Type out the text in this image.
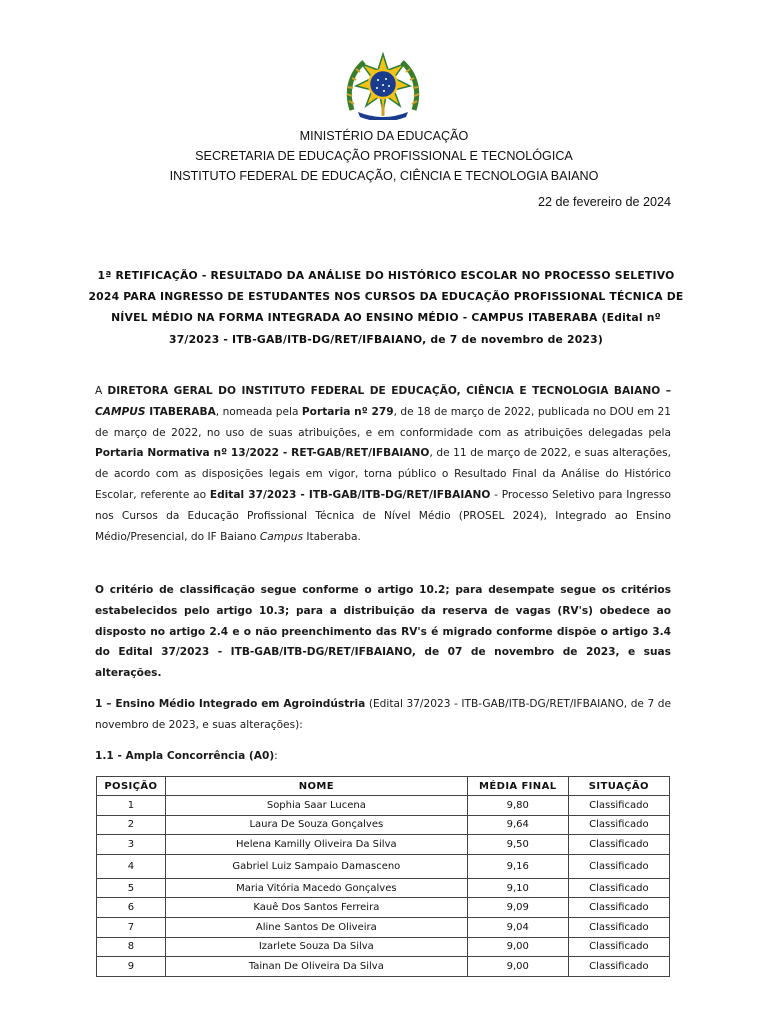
MINISTÉRIO DA EDUCAÇÃO
SECRETARIA DE EDUCAÇÃO PROFISSIONAL E TECNOLÓGICA
INSTITUTO FEDERAL DE EDUCAÇÃO, CIÊNCIA E TECNOLOGIA BAIANO
22 de fevereiro de 2024
1ª RETIFICAÇÃO - RESULTADO DA ANÁLISE DO HISTÓRICO ESCOLAR NO PROCESSO SELETIVO 2024 PARA INGRESSO DE ESTUDANTES NOS CURSOS DA EDUCAÇÃO PROFISSIONAL TÉCNICA DE NÍVEL MÉDIO NA FORMA INTEGRADA AO ENSINO MÉDIO - CAMPUS ITABERABA (Edital nº 37/2023 - ITB-GAB/ITB-DG/RET/IFBAIANO, de 7 de novembro de 2023)
A DIRETORA GERAL DO INSTITUTO FEDERAL DE EDUCAÇÃO, CIÊNCIA E TECNOLOGIA BAIANO – CAMPUS ITABERABA, nomeada pela Portaria nº 279, de 18 de março de 2022, publicada no DOU em 21 de março de 2022, no uso de suas atribuições, e em conformidade com as atribuições delegadas pela Portaria Normativa nº 13/2022 - RET-GAB/RET/IFBAIANO, de 11 de março de 2022, e suas alterações, de acordo com as disposições legais em vigor, torna público o Resultado Final da Análise do Histórico Escolar, referente ao Edital 37/2023 - ITB-GAB/ITB-DG/RET/IFBAIANO - Processo Seletivo para Ingresso nos Cursos da Educação Profissional Técnica de Nível Médio (PROSEL 2024), Integrado ao Ensino Médio/Presencial, do IF Baiano Campus Itaberaba.
O critério de classificação segue conforme o artigo 10.2; para desempate segue os critérios estabelecidos pelo artigo 10.3; para a distribuição da reserva de vagas (RV's) obedece ao disposto no artigo 2.4 e o não preenchimento das RV's é migrado conforme dispõe o artigo 3.4 do Edital 37/2023 - ITB-GAB/ITB-DG/RET/IFBAIANO, de 07 de novembro de 2023, e suas alterações.
1 – Ensino Médio Integrado em Agroindústria (Edital 37/2023 - ITB-GAB/ITB-DG/RET/IFBAIANO, de 7 de novembro de 2023, e suas alterações):
1.1 - Ampla Concorrência (A0):
POSIÇÃO	NOME	MÉDIA FINAL	SITUAÇÃO
1	Sophia Saar Lucena	9,80	Classificado
2	Laura De Souza Gonçalves	9,64	Classificado
3	Helena Kamilly Oliveira Da Silva	9,50	Classificado
4	Gabriel Luiz Sampaio Damasceno	9,16	Classificado
5	Maria Vitória Macedo Gonçalves	9,10	Classificado
6	Kauê Dos Santos Ferreira	9,09	Classificado
7	Aline Santos De Oliveira	9,04	Classificado
8	Izarlete Souza Da Silva	9,00	Classificado
9	Tainan De Oliveira Da Silva	9,00	Classificado
